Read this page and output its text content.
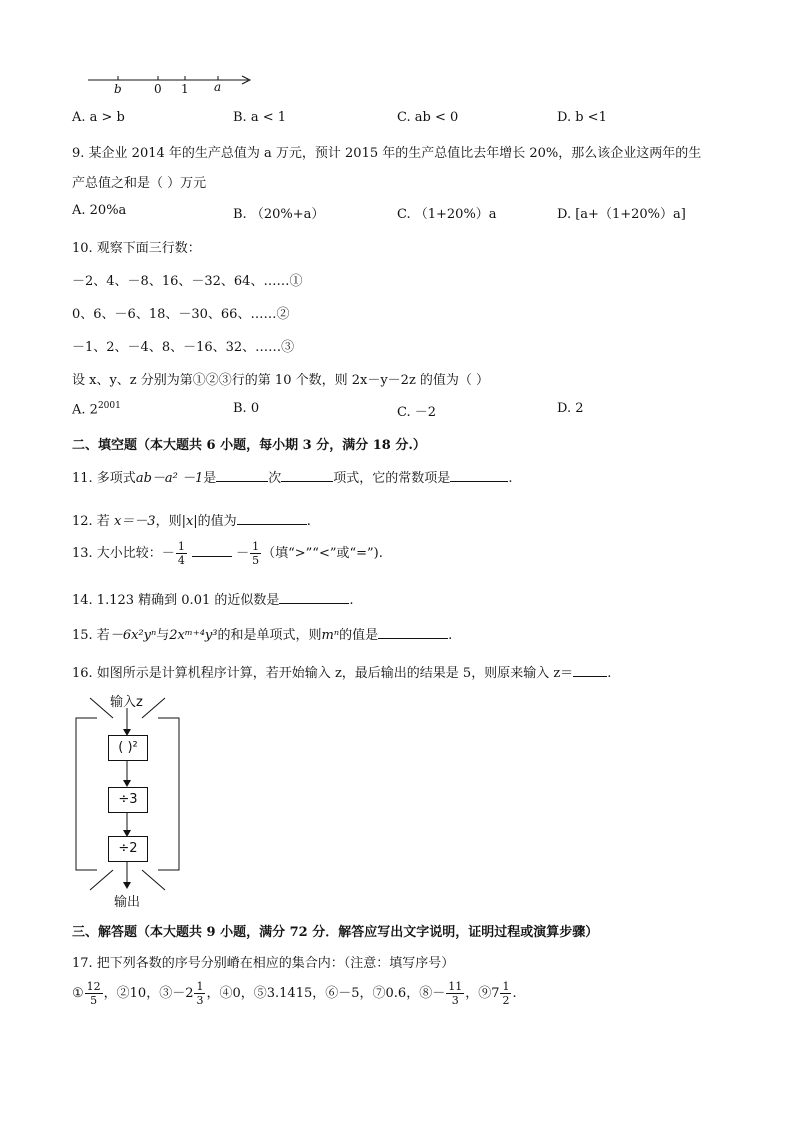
b	0 1 a
A. a > b	B. a < 1	C. ab < 0	D. b <1
9. 某企业 2014 年的生产总值为 a 万元，预计 2015 年的生产总值比去年增长 20%，那么该企业这两年的生
产总值之和是（ ）万元
A. 20%a	B. （20%+a）	C. （1+20%）a	D. [a+（1+20%）a]
10. 观察下面三行数：
－2、4、－8、16、－32、64、……①
0、6、－6、18、－30、66、……②
－1、2、－4、8、－16、32、……③
设 x、y、z 分别为第①②③行的第 10 个数，则 2x－y－2z 的值为（ ）
A. $2^{2001}$	B. 0	C. －2	D. 2
二、填空题（本大题共 6 小题，每小期 3 分，满分 18 分.）
11. 多项式ab－a² －1是	次	项式，它的常数项是	.
12. 若 x＝－3，则|x|的值为	.
13. 大小比较：－ $\frac{1}{4}$	－ $\frac{1}{5}$ （填“>”“<”或“=”).
14. 1.123 精确到 0.01 的近似数是	.
15. 若－6x²yⁿ与2xᵐ⁺⁴y³的和是单项式，则mⁿ的值是	.
16. 如图所示是计算机程序计算，若开始输入 z，最后输出的结果是 5，则原来输入 z＝	.
输入z
( )²
÷3
÷2
输出
三、解答题（本大题共 9 小题，满分 72 分．解答应写出文字说明，证明过程或演算步骤）
17. 把下列各数的序号分别嵴在相应的集合内：（注意：填写序号）
① $\frac{12}{5}$ ，②10，③－2 $\frac{1}{3}$ ，④0，⑤3.1415，⑥－5，⑦0.6，⑧－ $\frac{11}{3}$ ，⑨7 $\frac{1}{2}$ .
